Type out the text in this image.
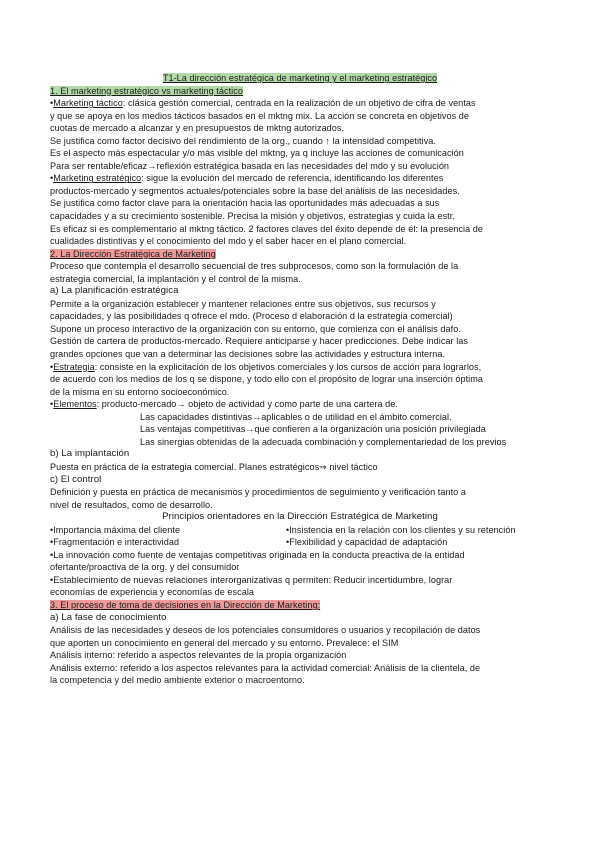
T1-La dirección estratégica de marketing y el marketing estratégico
1. El marketing estratégico vs marketing táctico
•Marketing táctico: clásica gestión comercial, centrada en la realización de un objetivo de cifra de ventas
y que se apoya en los medios tácticos basados en el mktng mix. La acción se concreta en objetivos de
cuotas de mercado a alcanzar y en presupuestos de mktng autorizados.
Se justifica como factor decisivo del rendimiento de la org., cuando ↑ la intensidad competitiva.
Es el aspecto más espectacular y/o más visible del mktng, ya q incluye las acciones de comunicación
Para ser rentable/eficaz→reflexión estratégica basada en las necesidades del mdo y su evolución
•Marketing estratégico: sigue la evolución del mercado de referencia, identificando los diferentes
productos-mercado y segmentos actuales/potenciales sobre la base del análisis de las necesidades.
Se justifica como factor clave para la orientación hacia las oportunidades más adecuadas a sus
capacidades y a su crecimiento sostenible. Precisa la misión y objetivos, estrategias y cuida la estr.
Es eficaz si es complementario al mktng táctico. 2 factores claves del éxito depende de él: la presencia de
cualidades distintivas y el conocimiento del mdo y el saber hacer en el plano comercial.
2. La Dirección Estratégica de Marketing
Proceso que contempla el desarrollo secuencial de tres subprocesos, como son la formulación de la
estrategia comercial, la implantación y el control de la misma.
a) La planificación estratégica
Permite a la organización establecer y mantener relaciones entre sus objetivos, sus recursos y
capacidades, y las posibilidades q ofrece el mdo. (Proceso d elaboración d la estrategia comercial)
Supone un proceso interactivo de la organización con su entorno, que comienza con el análisis dafo.
Gestión de cartera de productos-mercado. Requiere anticiparse y hacer predicciones. Debe indicar las
grandes opciones que van a determinar las decisiones sobre las actividades y estructura interna.
•Estrategia: consiste en la explicitación de los objetivos comerciales y los cursos de acción para lograrlos,
de acuerdo con los medios de los q se dispone, y todo ello con el propósito de lograr una inserción óptima
de la misma en su entorno socioeconómico.
•Elementos: producto-mercado→ objeto de actividad y como parte de una cartera de.
Las capacidades distintivas→aplicables o de utilidad en el ámbito comercial.
Las ventajas competitivas→que confieren a la organización una posición privilegiada
Las sinergias obtenidas de la adecuada combinación y complementariedad de los previos
b) La implantación
Puesta en práctica de la estrategia comercial. Planes estratégicos⇒ nivel táctico
c) El control
Definición y puesta en práctica de mecanismos y procedimientos de seguimiento y verificación tanto a
nivel de resultados, como de desarrollo.
Principios orientadores en la Dirección Estratégica de Marketing
•Importancia máxima del cliente	•Insistencia en la relación con los clientes y su retención
•Fragmentación e interactividad	•Flexibilidad y capacidad de adaptación
•La innovación como fuente de ventajas competitivas originada en la conducta preactiva de la entidad
ofertante/proactiva de la org. y del consumidor
•Establecimiento de nuevas relaciones interorganizativas q permiten: Reducir incertidumbre, lograr
economías de experiencia y economías de escala
3. El proceso de toma de decisiones en la Dirección de Marketing:
a) La fase de conocimiento
Análisis de las necesidades y deseos de los potenciales consumidores o usuarios y recopilación de datos
que aporten un conocimiento en general del mercado y su entorno. Prevalece: el SIM
Análisis interno: referido a aspectos relevantes de la propia organización
Análisis externo: referido a los aspectos relevantes para la actividad comercial: Análisis de la clientela, de
la competencia y del medio ambiente exterior o macroentorno.
